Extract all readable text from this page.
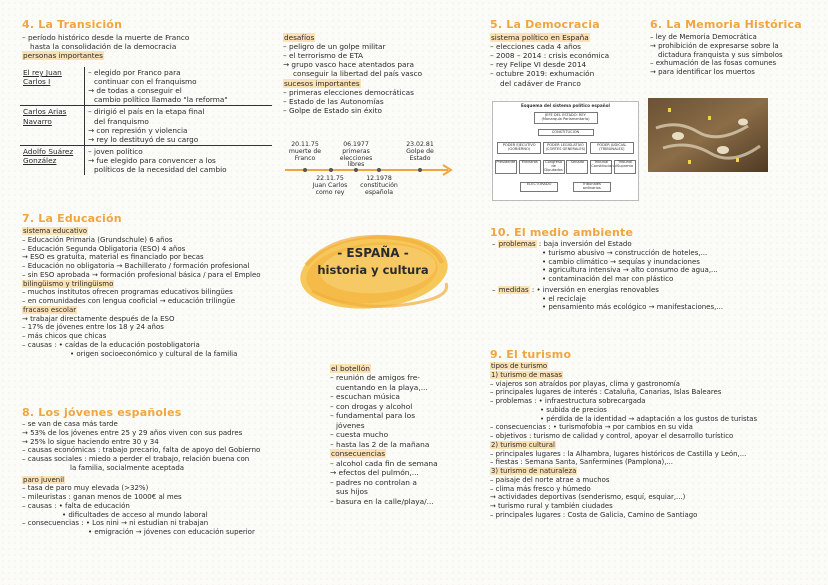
4. La Transición
– período histórico desde la muerte de Franco
hasta la consolidación de la democracia
personas importantes
El rey Juan Carlos I	– elegido por Franco para
continuar con el franquismo
→ de todas a conseguir el
cambio político llamado "la reforma"

Carlos Arias Navarro	– dirigió el país en la etapa final
del franquismo
→ con represión y violencia
→ rey lo destituyó de su cargo

Adolfo Suárez González	– joven político
→ fue elegido para convencer a los
políticos de la necesidad del cambio
desafíos
– peligro de un golpe militar
– el terrorismo de ETA
→ grupo vasco hace atentados para
conseguir la libertad del país vasco
sucesos importantes
– primeras elecciones democráticas
– Estado de las Autonomías
– Golpe de Estado sin éxito
20.11.75
muerte de Franco
06.1977
primeras elecciones libres
23.02.81
Golpe de Estado
22.11.75
Juan Carlos como rey
12.1978
constitución española
5. La Democracia
sistema político en España
– elecciones cada 4 años
– 2008 – 2014 : crisis económica
– rey Felipe VI desde 2014
– octubre 2019: exhumación
del cadáver de Franco
Esquema del sistema político español
JEFE DEL ESTADO: REY (Monarquía Parlamentaria)
CONSTITUCIÓN
PODER EJECUTIVO (GOBIERNO)
PODER LEGISLATIVO (CORTES GENERALES)
PODER JUDICIAL (TRIBUNALES)
Presidente	Ministros	Congreso de Diputados
Senado	Tribunal Constitucional
Tribunal Supremo
ELECTORADO	Tribunales ordinarios
6. La Memoria Histórica
– ley de Memoria Democrática
→ prohibición de expresarse sobre la
dictadura franquista y sus símbolos
– exhumación de las fosas comunes
→ para identificar los muertos
- ESPAÑA -
historia y cultura
7. La Educación
sistema educativo
– Educación Primaria (Grundschule) 6 años
– Educación Segunda Obligatoria (ESO) 4 años
→ ESO es gratuita, material es financiado por becas
– Educación no obligatoria → Bachillerato / formación profesional
– sin ESO aprobada → formación profesional básica / para el Empleo
bilingüismo y trilingüismo
– muchos institutos ofrecen programas educativos bilingües
– en comunidades con lengua cooficial → educación trilingüe
fracaso escolar
→ trabajar directamente después de la ESO
– 17% de jóvenes entre los 18 y 24 años
– más chicos que chicas
– causas : • caídas de la educación postobligatoria
• origen socioeconómico y cultural de la familia
8. Los jóvenes españoles
– se van de casa más tarde
→ 53% de los jóvenes entre 25 y 29 años viven con sus padres
→ 25% lo sigue haciendo entre 30 y 34
– causas económicas : trabajo precario, falta de apoyo del Gobierno
– causas sociales : miedo a perder el trabajo, relación buena con
la familia, socialmente aceptada
paro juvenil
– tasa de paro muy elevada (>32%)
– mileuristas : ganan menos de 1000€ al mes
– causas : • falta de educación
• dificultades de acceso al mundo laboral
– consecuencias : • Los nini → ni estudian ni trabajan
• emigración → jóvenes con educación superior
el botellón
– reunión de amigos fre-
cuentando en la playa,...
– escuchan música
– con drogas y alcohol
– fundamental para los
jóvenes
– cuesta mucho
– hasta las 2 de la mañana
consecuencias
– alcohol cada fin de semana
→ efectos del pulmón,...
– padres no controlan a
sus hijos
– basura en la calle/playa/...
10. El medio ambiente
– problemas : baja inversión del Estado
• turismo abusivo → construcción de hoteles,...
• cambio climático → sequías y inundaciones
• agricultura intensiva → alto consumo de agua,...
• contaminación del mar con plástico
– medidas : • inversión en energías renovables
• el reciclaje
• pensamiento más ecológico → manifestaciones,...
9. El turismo
tipos de turismo
1) turismo de masas
– viajeros son atraídos por playas, clima y gastronomía
– principales lugares de interés : Cataluña, Canarias, Islas Baleares
– problemas : • infraestructura sobrecargada
• subida de precios
• pérdida de la identidad → adaptación a los gustos de turistas
– consecuencias : • turismofobia → por cambios en su vida
– objetivos : turismo de calidad y control, apoyar el desarrollo turístico
2) turismo cultural
– principales lugares : la Alhambra, lugares históricos de Castilla y León,...
– fiestas : Semana Santa, Sanfermines (Pamplona),...
3) turismo de naturaleza
– paisaje del norte atrae a muchos
– clima más fresco y húmedo
→ actividades deportivas (senderismo, esquí, esquiar,...)
→ turismo rural y también ciudades
– principales lugares : Costa de Galicia, Camino de Santiago
